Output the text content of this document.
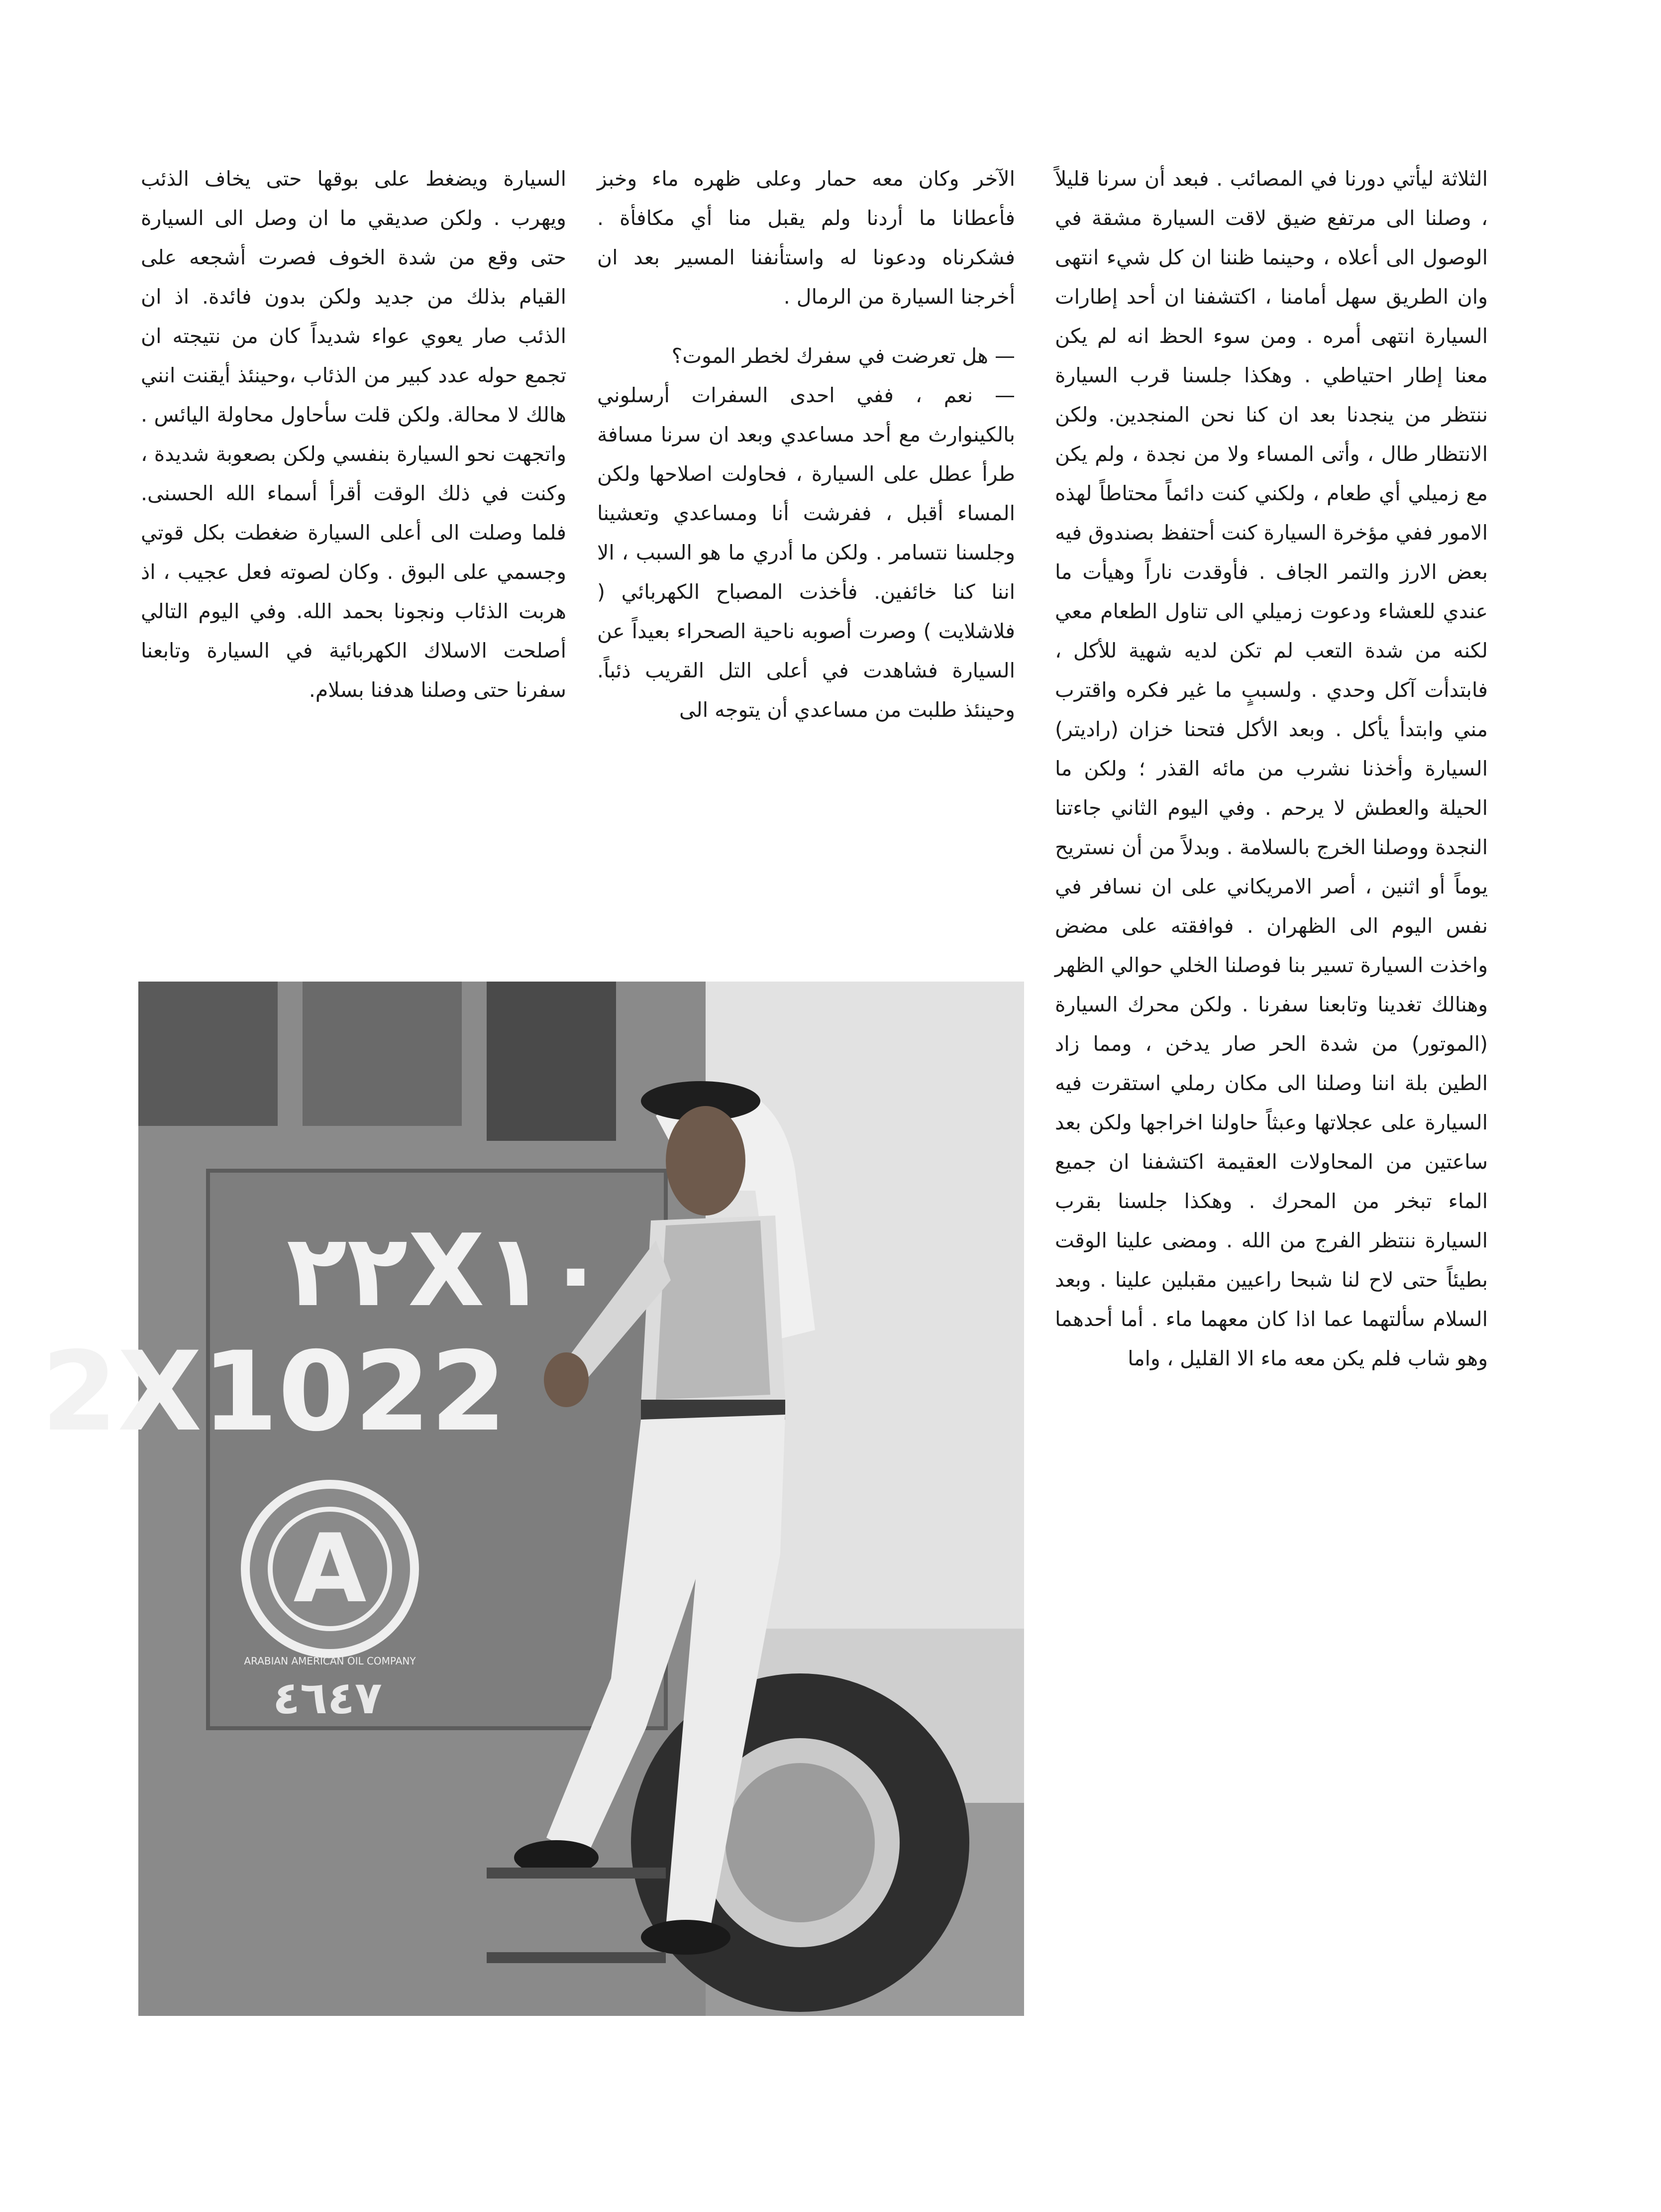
الثلاثة ليأتي دورنا في المصائب . فبعد أن سرنا قليلاً ، وصلنا الى مرتفع ضيق لاقت السيارة مشقة في الوصول الى أعلاه ، وحينما ظننا ان كل شيء انتهى وان الطريق سهل أمامنا ، اكتشفنا ان أحد إطارات السيارة انتهى أمره . ومن سوء الحظ انه لم يكن معنا إطار احتياطي . وهكذا جلسنا قرب السيارة ننتظر من ينجدنا بعد ان كنا نحن المنجدين. ولكن الانتظار طال ، وأتى المساء ولا من نجدة ، ولم يكن مع زميلي أي طعام ، ولكني كنت دائماً محتاطاً لهذه الامور ففي مؤخرة السيارة كنت أحتفظ بصندوق فيه بعض الارز والتمر الجاف . فأوقدت ناراً وهيأت ما عندي للعشاء ودعوت زميلي الى تناول الطعام معي لكنه من شدة التعب لم تكن لديه شهية للأكل ، فابتدأت آكل وحدي . ولسببٍ ما غير فكره واقترب مني وابتدأ يأكل . وبعد الأكل فتحنا خزان (راديتر) السيارة وأخذنا نشرب من مائه القذر ؛ ولكن ما الحيلة والعطش لا يرحم . وفي اليوم الثاني جاءتنا النجدة ووصلنا الخرج بالسلامة . وبدلاً من أن نستريح يوماً أو اثنين ، أصر الامريكاني على ان نسافر في نفس اليوم الى الظهران . فوافقته على مضض واخذت السيارة تسير بنا فوصلنا الخلي حوالي الظهر وهنالك تغدينا وتابعنا سفرنا . ولكن محرك السيارة (الموتور) من شدة الحر صار يدخن ، ومما زاد الطين بلة اننا وصلنا الى مكان رملي استقرت فيه السيارة على عجلاتها وعبثاً حاولنا اخراجها ولكن بعد ساعتين من المحاولات العقيمة اكتشفنا ان جميع الماء تبخر من المحرك . وهكذا جلسنا بقرب السيارة ننتظر الفرج من الله . ومضى علينا الوقت بطيئاً حتى لاح لنا شبحا راعيين مقبلين علينا . وبعد السلام سألتهما عما اذا كان معهما ماء . أما أحدهما وهو شاب فلم يكن معه ماء الا القليل ، واما

الآخر وكان معه حمار وعلى ظهره ماء وخبز فأعطانا ما أردنا ولم يقبل منا أي مكافأة . فشكرناه ودعونا له واستأنفنا المسير بعد ان أخرجنا السيارة من الرمال .

— هل تعرضت في سفرك لخطر الموت؟

— نعم ، ففي احدى السفرات أرسلوني بالكينوارث مع أحد مساعدي وبعد ان سرنا مسافة طرأ عطل على السيارة ، فحاولت اصلاحها ولكن المساء أقبل ، ففرشت أنا ومساعدي وتعشينا وجلسنا نتسامر . ولكن ما أدري ما هو السبب ، الا اننا كنا خائفين. فأخذت المصباح الكهربائي ( فلاشلايت ) وصرت أصوبه ناحية الصحراء بعيداً عن السيارة فشاهدت في أعلى التل القريب ذئباً. وحينئذ طلبت من مساعدي أن يتوجه الى

السيارة ويضغط على بوقها حتى يخاف الذئب ويهرب . ولكن صديقي ما ان وصل الى السيارة حتى وقع من شدة الخوف فصرت أشجعه على القيام بذلك من جديد ولكن بدون فائدة. اذ ان الذئب صار يعوي عواء شديداً كان من نتيجته ان تجمع حوله عدد كبير من الذئاب ،وحينئذ أيقنت انني هالك لا محالة. ولكن قلت سأحاول محاولة اليائس . واتجهت نحو السيارة بنفسي ولكن بصعوبة شديدة ، وكنت في ذلك الوقت أقرأ أسماء الله الحسنى. فلما وصلت الى أعلى السيارة ضغطت بكل قوتي وجسمي على البوق . وكان لصوته فعل عجيب ، اذ هربت الذئاب ونجونا بحمد الله. وفي اليوم التالي أصلحت الاسلاك الكهربائية في السيارة وتابعنا سفرنا حتى وصلنا هدفنا بسلام.

٢٢X١٠
2X1022
A
ARABIAN AMERICAN OIL COMPANY
٤٦٤٧
